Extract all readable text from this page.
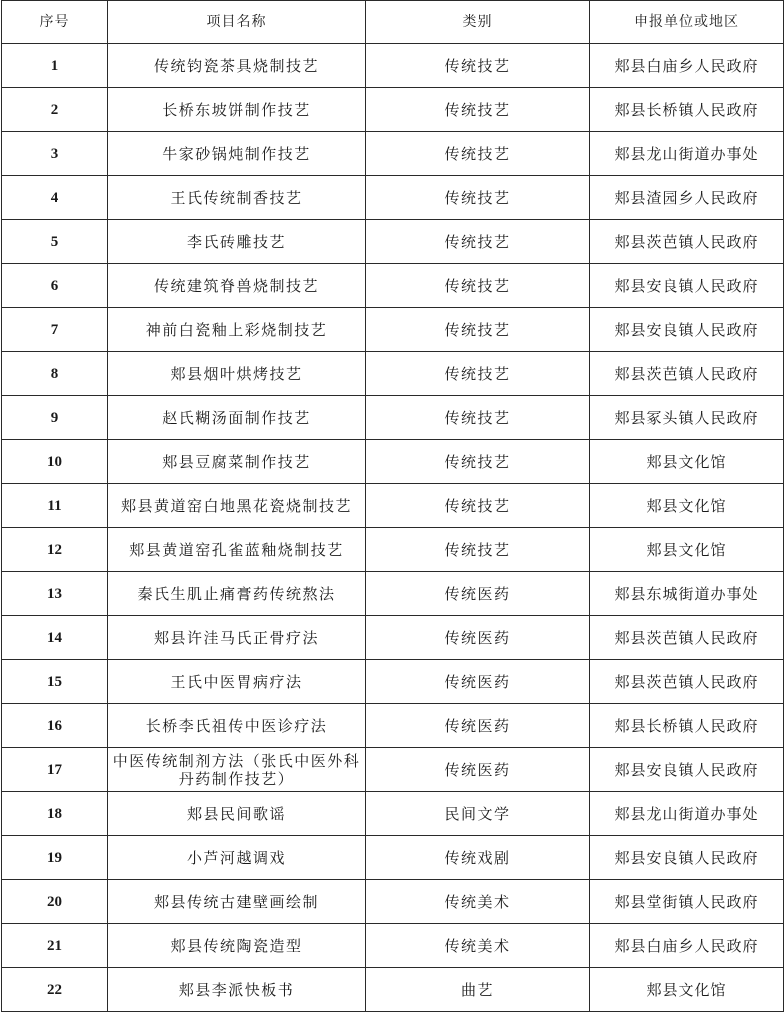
序号	项目名称	类别	申报单位或地区
1	传统钧瓷茶具烧制技艺	传统技艺	郏县白庙乡人民政府
2	长桥东坡饼制作技艺	传统技艺	郏县长桥镇人民政府
3	牛家砂锅炖制作技艺	传统技艺	郏县龙山街道办事处
4	王氏传统制香技艺	传统技艺	郏县渣园乡人民政府
5	李氏砖雕技艺	传统技艺	郏县茨芭镇人民政府
6	传统建筑脊兽烧制技艺	传统技艺	郏县安良镇人民政府
7	神前白瓷釉上彩烧制技艺	传统技艺	郏县安良镇人民政府
8	郏县烟叶烘烤技艺	传统技艺	郏县茨芭镇人民政府
9	赵氏糊汤面制作技艺	传统技艺	郏县冢头镇人民政府
10	郏县豆腐菜制作技艺	传统技艺	郏县文化馆
11	郏县黄道窑白地黑花瓷烧制技艺	传统技艺	郏县文化馆
12	郏县黄道窑孔雀蓝釉烧制技艺	传统技艺	郏县文化馆
13	秦氏生肌止痛膏药传统熬法	传统医药	郏县东城街道办事处
14	郏县许洼马氏正骨疗法	传统医药	郏县茨芭镇人民政府
15	王氏中医胃病疗法	传统医药	郏县茨芭镇人民政府
16	长桥李氏祖传中医诊疗法	传统医药	郏县长桥镇人民政府
17	中医传统制剂方法（张氏中医外科丹药制作技艺）	传统医药	郏县安良镇人民政府
18	郏县民间歌谣	民间文学	郏县龙山街道办事处
19	小芦河越调戏	传统戏剧	郏县安良镇人民政府
20	郏县传统古建壁画绘制	传统美术	郏县堂街镇人民政府
21	郏县传统陶瓷造型	传统美术	郏县白庙乡人民政府
22	郏县李派快板书	曲艺	郏县文化馆
